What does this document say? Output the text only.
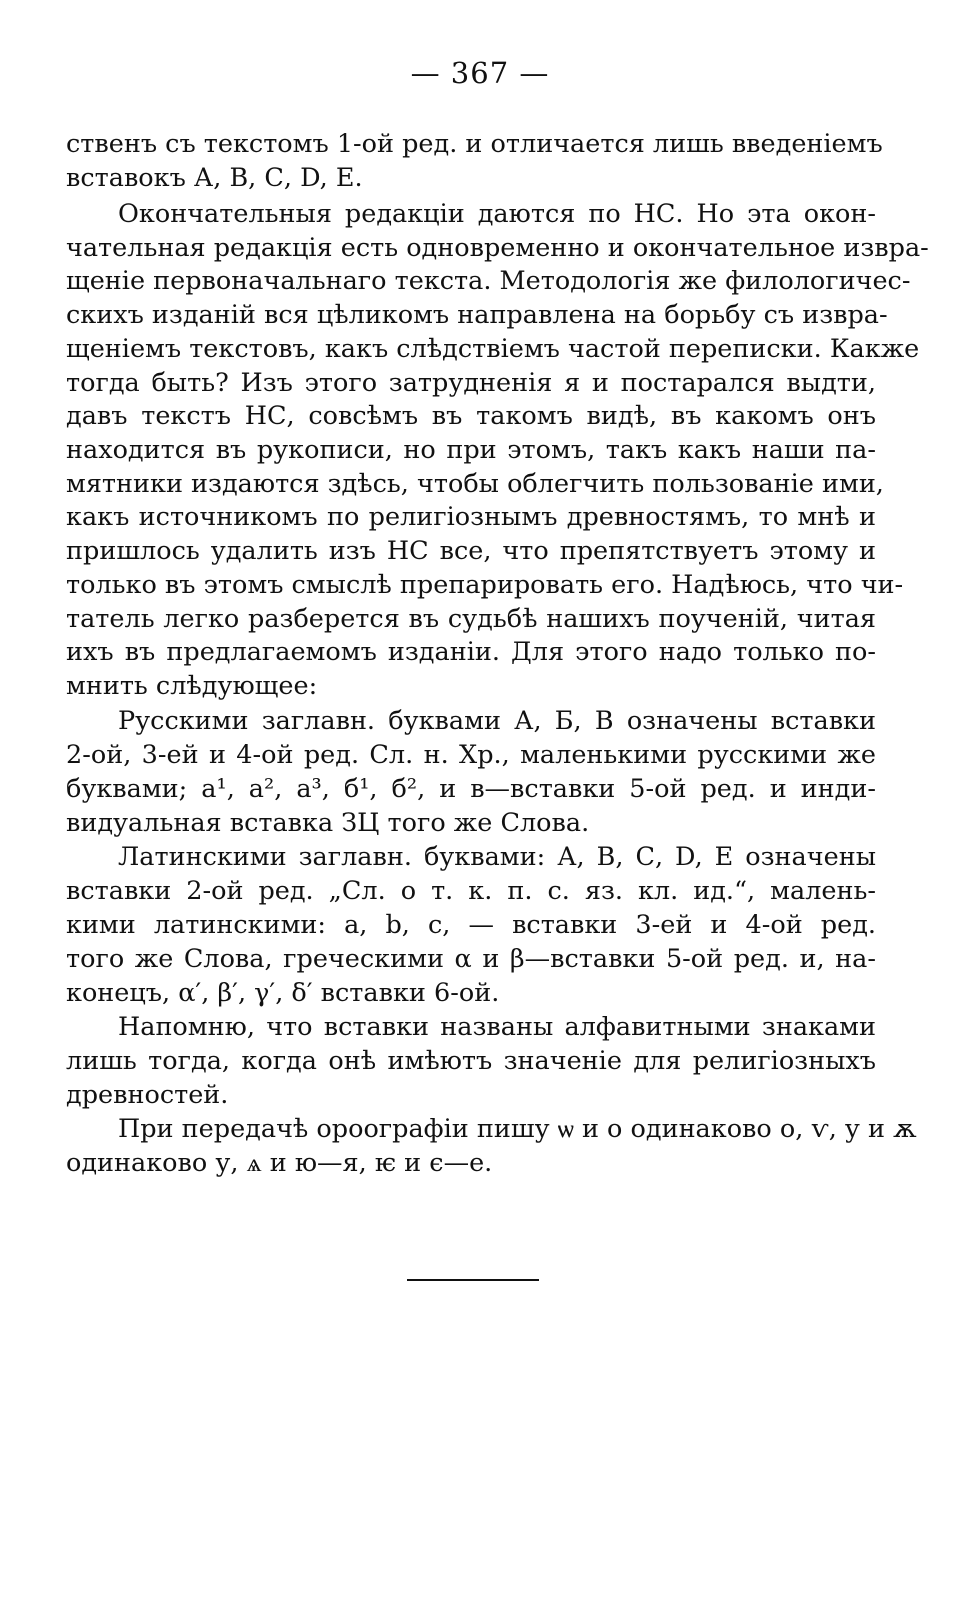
— 367 —
ственъ съ текстомъ 1-ой ред. и отличается лишь введеніемъ
вставокъ А, В, С, D, Е.
Окончательныя редакціи даются по НС. Но эта окон-
чательная редакція есть одновременно и окончательное извра-
щеніе первоначальнаго текста. Методологія же филологичес-
скихъ изданій вся цѣликомъ направлена на борьбу съ извра-
щеніемъ текстовъ, какъ слѣдствіемъ частой переписки. Какже
тогда быть? Изъ этого затрудненія я и постарался выдти,
давъ текстъ НС, совсѣмъ въ такомъ видѣ, въ какомъ онъ
находится въ рукописи, но при этомъ, такъ какъ наши па-
мятники издаются здѣсь, чтобы облегчить пользованіе ими,
какъ источникомъ по религіознымъ древностямъ, то мнѣ и
пришлось удалить изъ НС все, что препятствуетъ этому и
только въ этомъ смыслѣ препарировать его. Надѣюсь, что чи-
татель легко разберется въ судьбѣ нашихъ поученій, читая
ихъ въ предлагаемомъ изданіи. Для этого надо только по-
мнить слѣдующее:
Русскими заглавн. буквами А, Б, В означены вставки
2-ой, 3-ей и 4-ой ред. Сл. н. Хр., маленькими русскими же
буквами; а¹, а², а³, б¹, б², и в—вставки 5-ой ред. и инди-
видуальная вставка ЗЦ того же Слова.
Латинскими заглавн. буквами: А, В, С, D, Е означены
вставки 2-ой ред. „Сл. о т. к. п. с. яз. кл. ид.“, малень-
кими латинскими: a, b, c, — вставки 3-ей и 4-ой ред.
того же Слова, греческими α и β—вставки 5-ой ред. и, на-
конецъ, α′, β′, γ′, δ′ вставки 6-ой.
Напомню, что вставки названы алфавитными знаками
лишь тогда, когда онѣ имѣютъ значеніе для религіозныхъ
древностей.
При передачѣ ороографіи пишу ѡ и о одинаково о, ѵ, у и ѫ
одинаково у, ѧ и ю—я, ѥ и є—е.
